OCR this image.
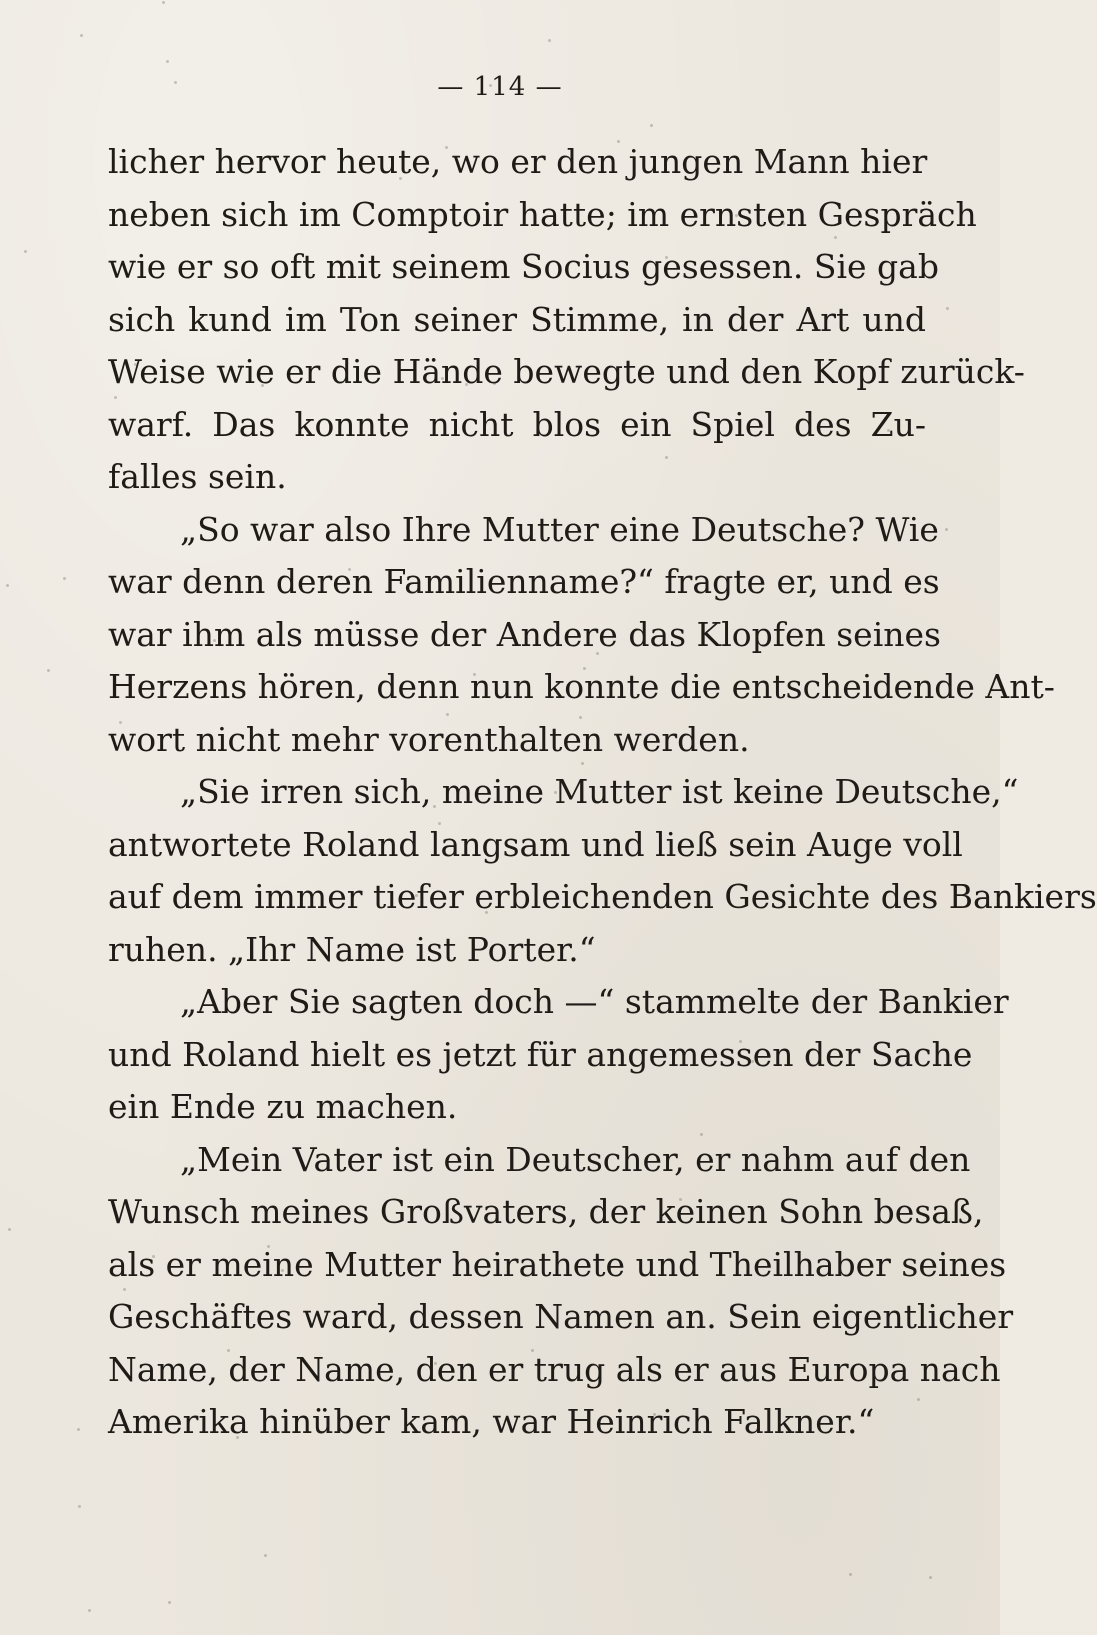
— 114 —
licher hervor heute, wo er den jungen Mann hier
neben sich im Comptoir hatte; im ernsten Gespräch
wie er so oft mit seinem Socius gesessen. Sie gab
sich kund im Ton seiner Stimme, in der Art und
Weise wie er die Hände bewegte und den Kopf zurück-
warf. Das konnte nicht blos ein Spiel des Zu-
falles sein.
„So war also Ihre Mutter eine Deutsche? Wie
war denn deren Familienname?“ fragte er, und es
war ihm als müsse der Andere das Klopfen seines
Herzens hören, denn nun konnte die entscheidende Ant-
wort nicht mehr vorenthalten werden.
„Sie irren sich, meine Mutter ist keine Deutsche,“
antwortete Roland langsam und ließ sein Auge voll
auf dem immer tiefer erbleichenden Gesichte des Bankiers
ruhen. „Ihr Name ist Porter.“
„Aber Sie sagten doch —“ stammelte der Bankier
und Roland hielt es jetzt für angemessen der Sache
ein Ende zu machen.
„Mein Vater ist ein Deutscher, er nahm auf den
Wunsch meines Großvaters, der keinen Sohn besaß,
als er meine Mutter heirathete und Theilhaber seines
Geschäftes ward, dessen Namen an. Sein eigentlicher
Name, der Name, den er trug als er aus Europa nach
Amerika hinüber kam, war Heinrich Falkner.“
